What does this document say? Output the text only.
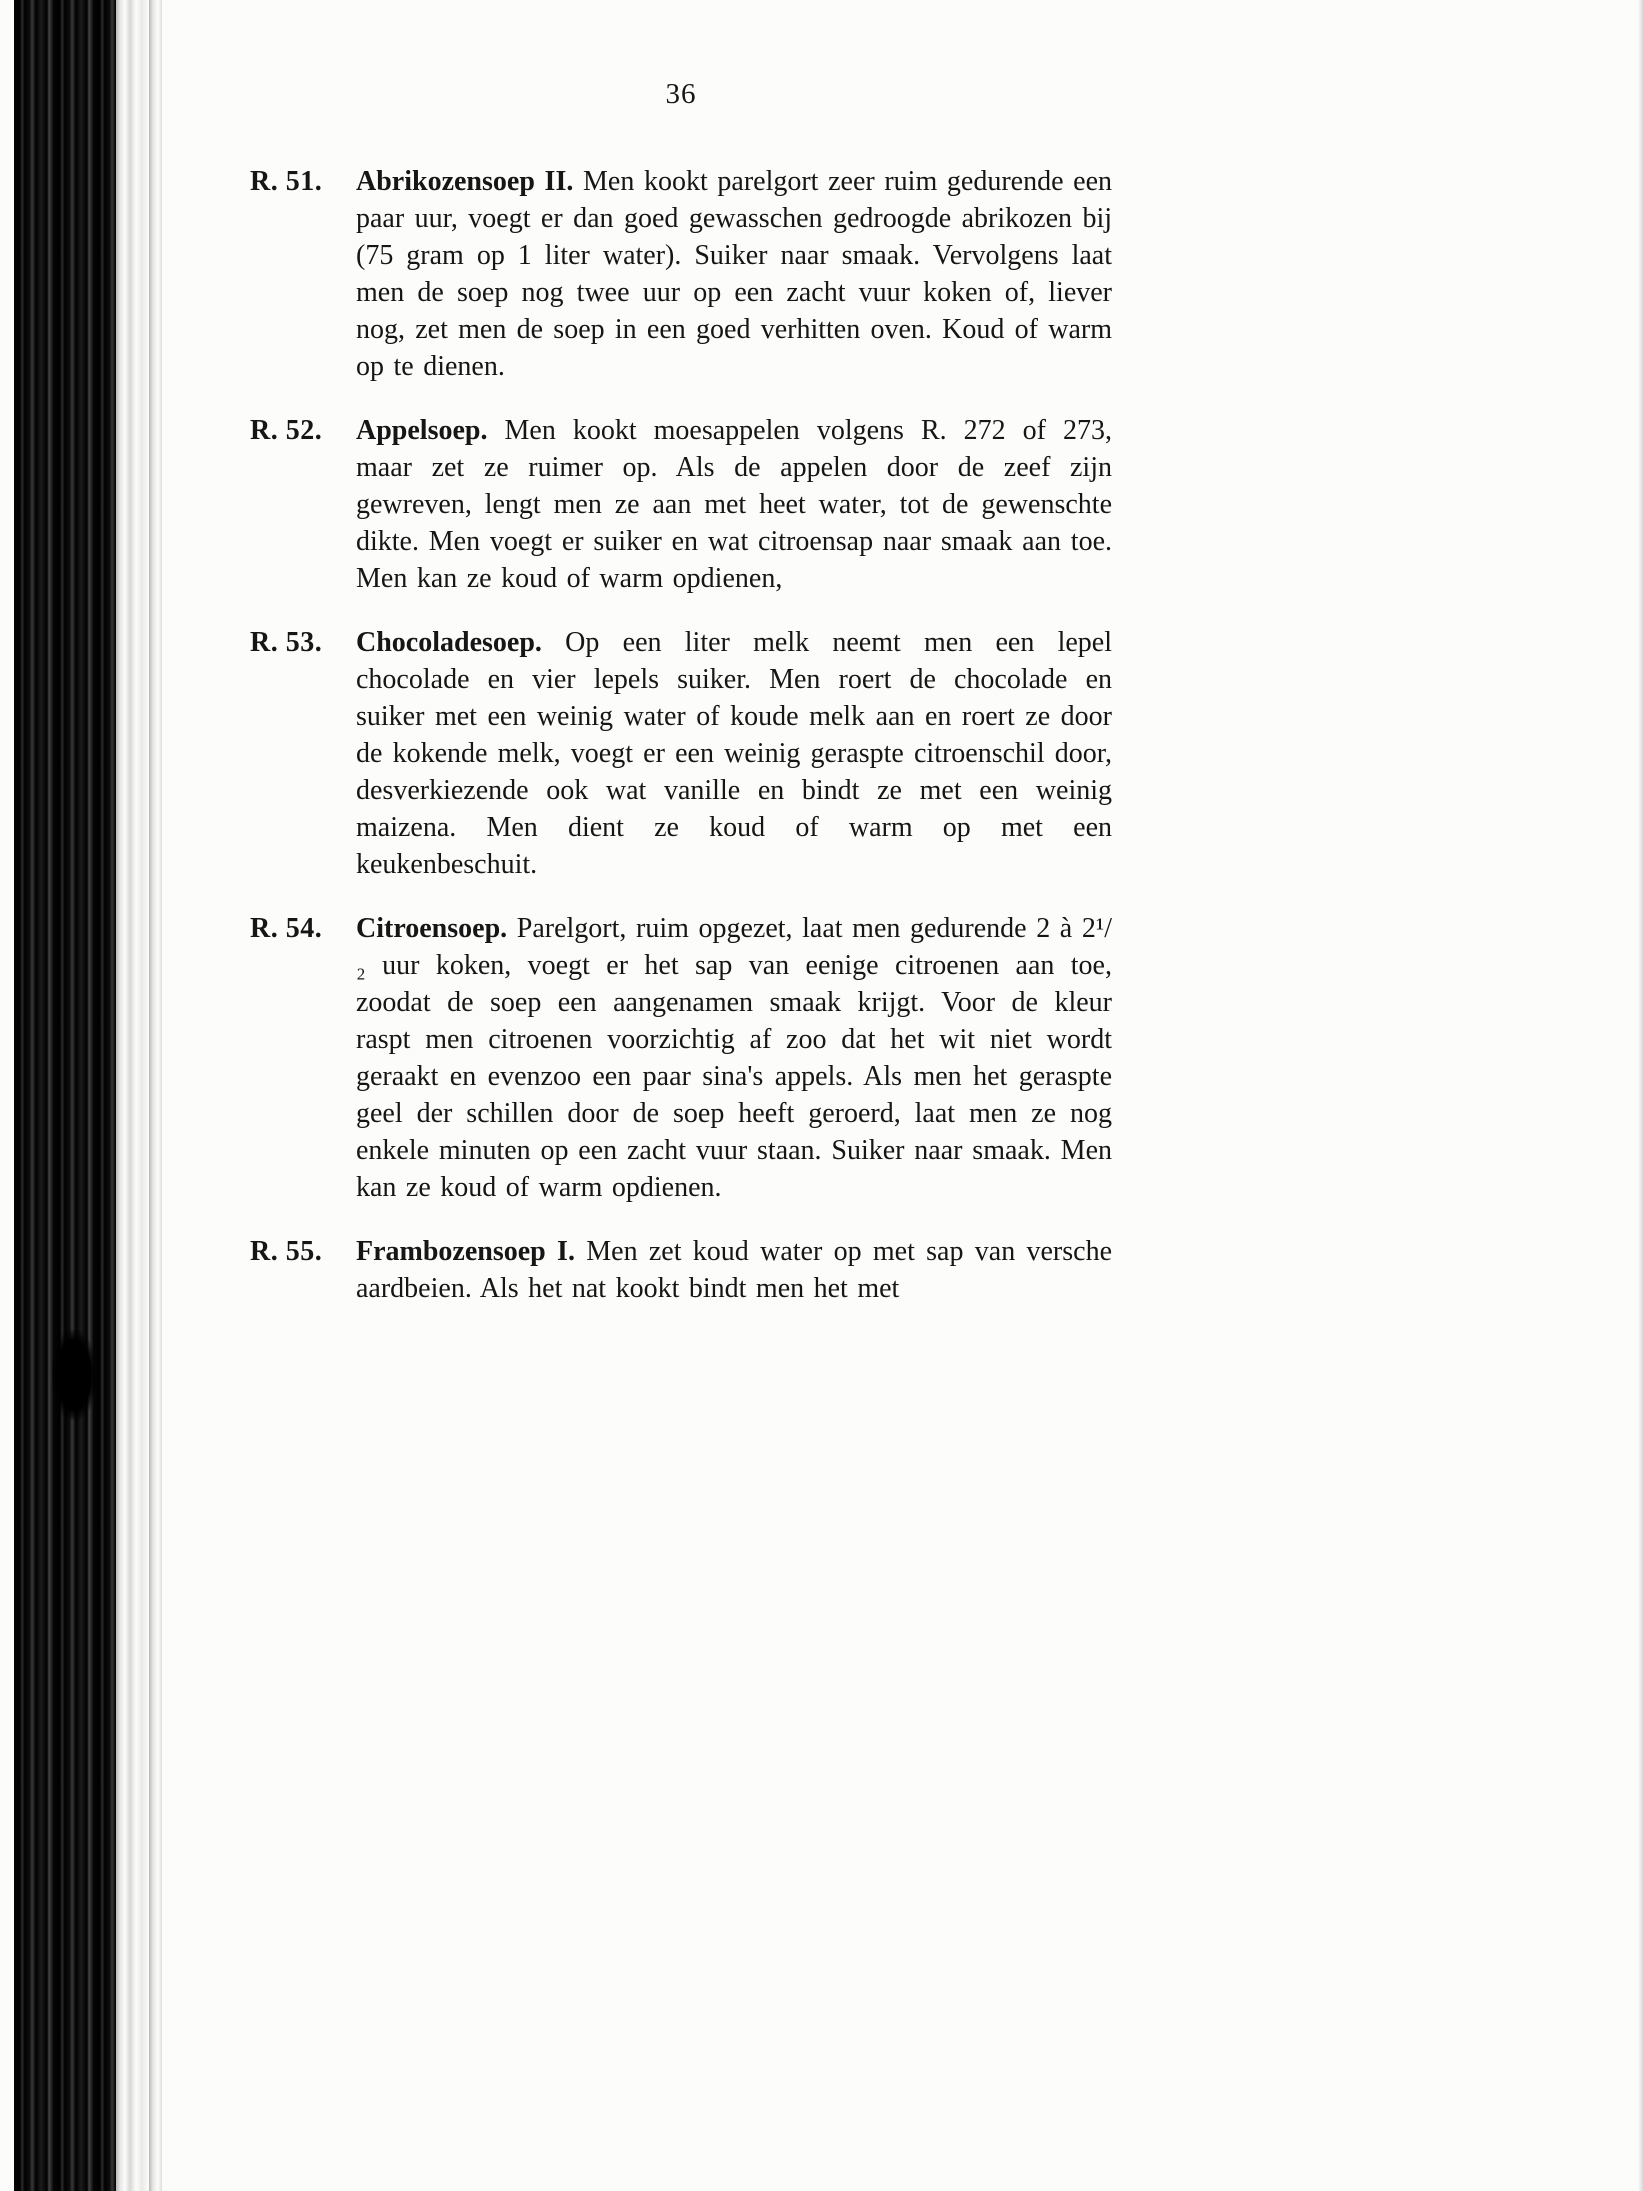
36
R. 51.	Abrikozensoep II. Men kookt parelgort zeer ruim gedurende een paar uur, voegt er dan goed gewasschen gedroogde abrikozen bij (75 gram op 1 liter water). Suiker naar smaak. Vervolgens laat men de soep nog twee uur op een zacht vuur koken of, liever nog, zet men de soep in een goed verhitten oven. Koud of warm op te dienen.

R. 52.	Appelsoep. Men kookt moesappelen volgens R. 272 of 273, maar zet ze ruimer op. Als de appelen door de zeef zijn gewreven, lengt men ze aan met heet water, tot de gewenschte dikte. Men voegt er suiker en wat citroensap naar smaak aan toe. Men kan ze koud of warm opdienen,

R. 53.	Chocoladesoep. Op een liter melk neemt men een lepel chocolade en vier lepels suiker. Men roert de chocolade en suiker met een weinig water of koude melk aan en roert ze door de kokende melk, voegt er een weinig geraspte citroenschil door, desverkiezende ook wat vanille en bindt ze met een weinig maizena. Men dient ze koud of warm op met een keukenbeschuit.

R. 54.	Citroensoep. Parelgort, ruim opgezet, laat men gedurende 2 à 2¹/₂ uur koken, voegt er het sap van eenige citroenen aan toe, zoodat de soep een aangenamen smaak krijgt. Voor de kleur raspt men citroenen voorzichtig af zoo dat het wit niet wordt geraakt en evenzoo een paar sina's appels. Als men het geraspte geel der schillen door de soep heeft geroerd, laat men ze nog enkele minuten op een zacht vuur staan. Suiker naar smaak. Men kan ze koud of warm opdienen.

R. 55.	Frambozensoep I. Men zet koud water op met sap van versche aardbeien. Als het nat kookt bindt men het met
